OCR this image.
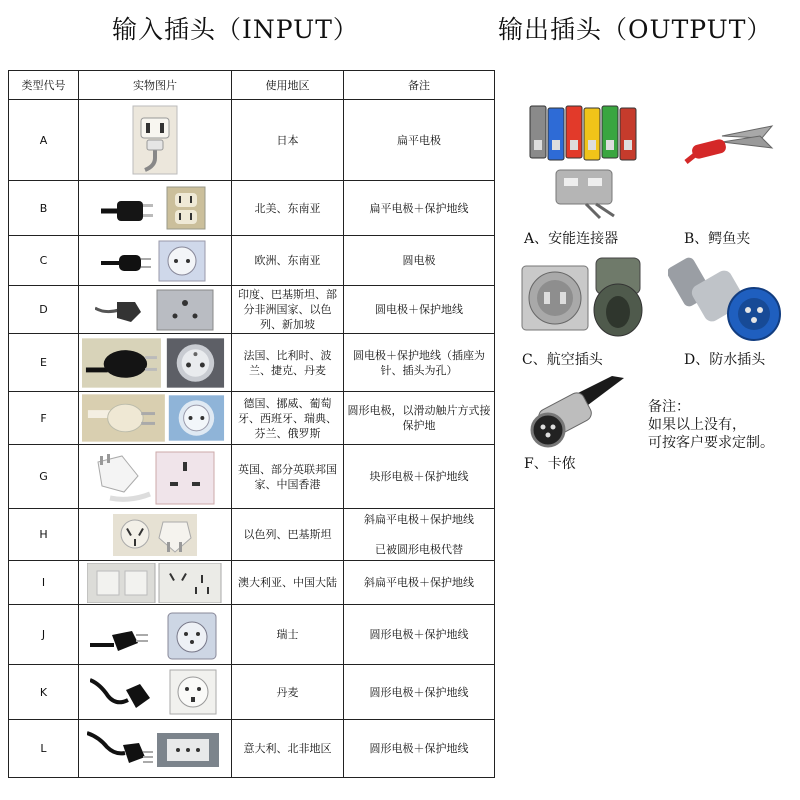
输入插头（INPUT）	输出插头（OUTPUT）
类型代号	实物图片	使用地区	备注
A		日本	扁平电极
B		北美、东南亚	扁平电极＋保护地线
C		欧洲、东南亚	圆电极
D		印度、巴基斯坦、部分非洲国家、以色列、新加坡	圆电极＋保护地线
E		法国、比利时、波兰、捷克、丹麦	圆电极＋保护地线（插座为针、插头为孔）
F		德国、挪威、葡萄牙、西班牙、瑞典、芬兰、俄罗斯	圆形电极，以滑动触片方式接保护地
G		英国、部分英联邦国家、中国香港	块形电极＋保护地线
H		以色列、巴基斯坦	斜扁平电极＋保护地线

已被圆形电极代替
I		澳大利亚、中国大陆	斜扁平电极＋保护地线
J		瑞士	圆形电极＋保护地线
K		丹麦	圆形电极＋保护地线
L		意大利、北非地区	圆形电极＋保护地线
A、安能连接器	B、鳄鱼夹
C、航空插头	D、防水插头
F、卡侬
备注：
如果以上没有，
可按客户要求定制。
